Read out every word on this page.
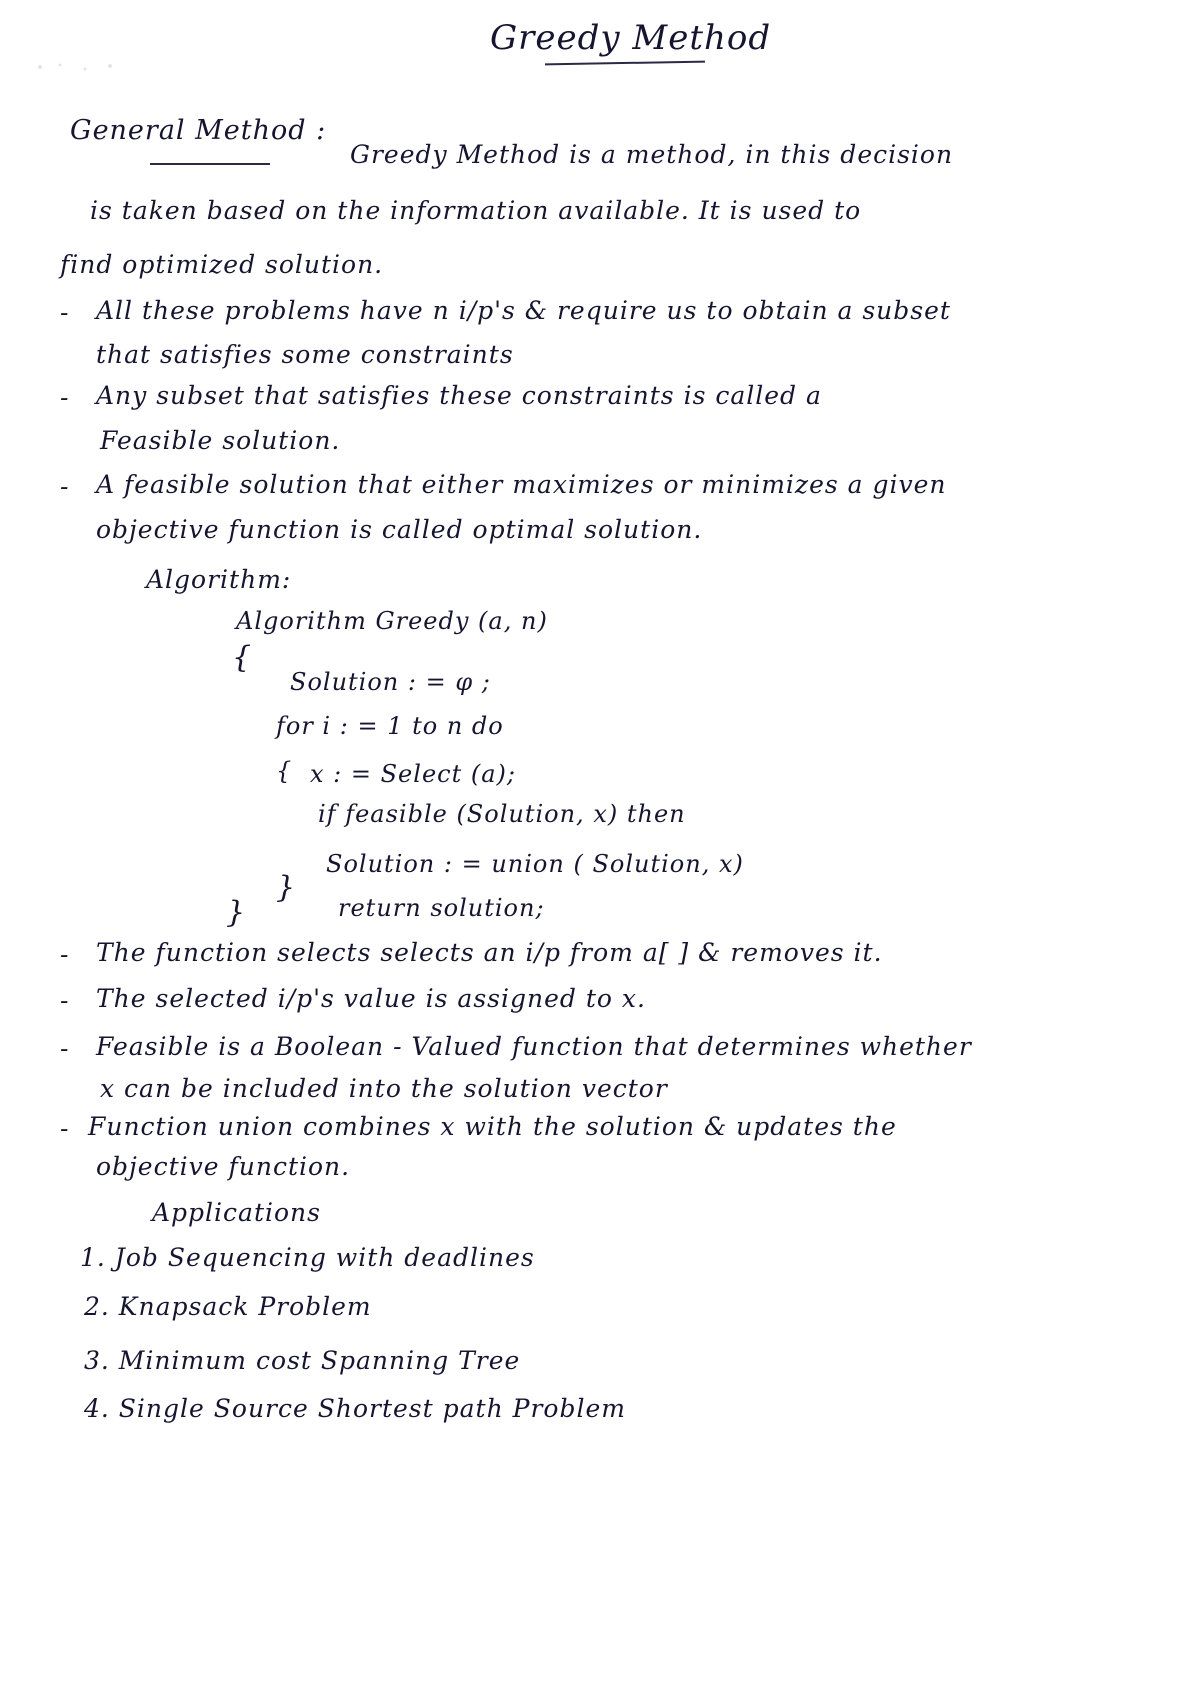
Greedy Method
General Method :
Greedy Method is a method, in this decision
is taken based on the information available. It is used to
find optimized solution.
- All these problems have n i/p's & require us to obtain a subset
that satisfies some constraints
- Any subset that satisfies these constraints is called a
Feasible solution.
- A feasible solution that either maximizes or minimizes a given
objective function is called optimal solution.
Algorithm:
Algorithm Greedy (a, n)
{
Solution : = φ ;
for i : = 1 to n do
{ x : = Select (a);
if feasible (Solution, x) then
Solution : = union ( Solution, x)
}
return solution;
}
- The function selects selects an i/p from a[ ] & removes it.
- The selected i/p's value is assigned to x.
- Feasible is a Boolean - Valued function that determines whether
x can be included into the solution vector
- Function union combines x with the solution & updates the
objective function.
Applications
1. Job Sequencing with deadlines
2. Knapsack Problem
3. Minimum cost Spanning Tree
4. Single Source Shortest path Problem
